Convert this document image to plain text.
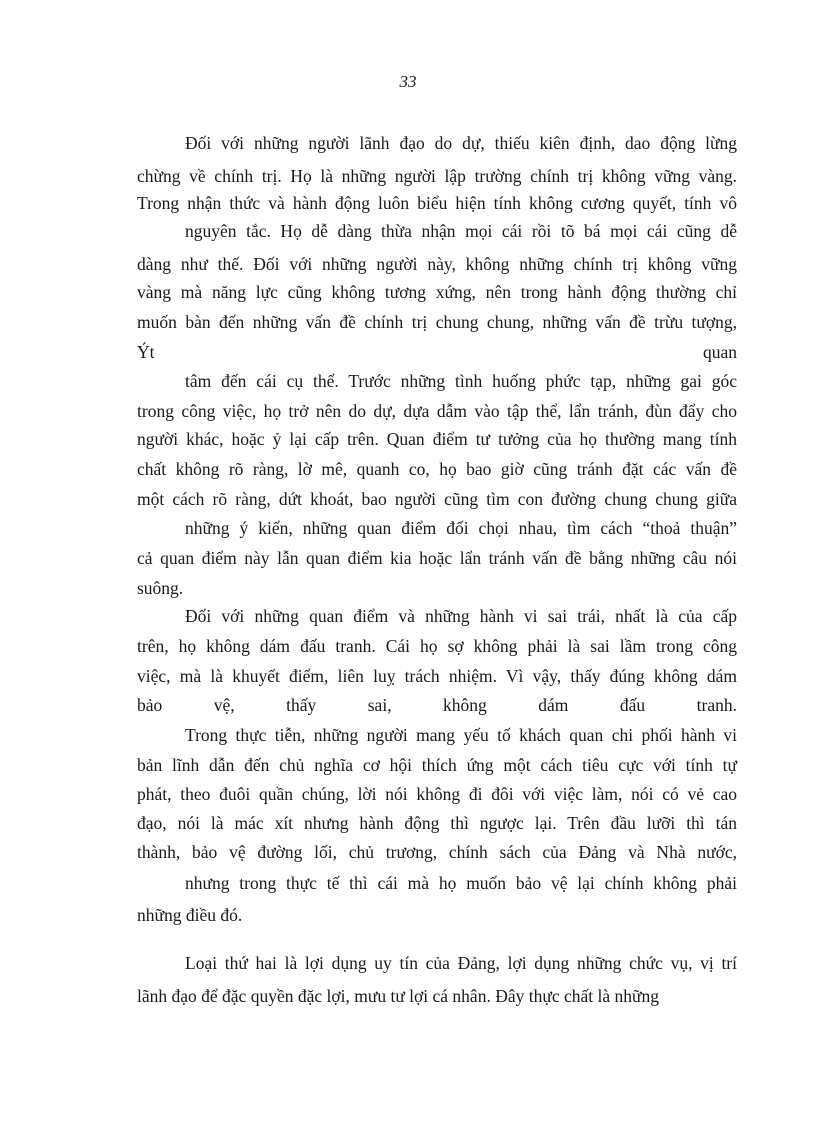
33
Đối với những người lãnh đạo do dự, thiếu kiên định, dao động lừng
chừng về chính trị. Họ là những người lập trường chính trị không vững vàng.
Trong nhận thức và hành động luôn biểu hiện tính không cương quyết, tính vô
nguyên tắc. Họ dễ dàng thừa nhận mọi cái rồi tõ bá mọi cái cũng dễ
dàng như thế. Đối với những người này, không những chính trị không vững
vàng mà năng lực cũng không tương xứng, nên trong hành động thường chỉ
muốn bàn đến những vấn đề chính trị chung chung, những vấn đề trừu tượng,
Ýt quan
tâm đến cái cụ thể. Trước những tình huống phức tạp, những gai góc
trong công việc, họ trở nên do dự, dựa dẫm vào tập thể, lẩn tránh, đùn đẩy cho
người khác, hoặc ỷ lại cấp trên. Quan điểm tư tưởng của họ thường mang tính
chất không rõ ràng, lờ mê, quanh co, họ bao giờ cũng tránh đặt các vấn đề
một cách rõ ràng, dứt khoát, bao người cũng tìm con đường chung chung giữa
những ý kiến, những quan điểm đối chọi nhau, tìm cách “thoả thuận”
cả quan điểm này lẫn quan điểm kia hoặc lẩn tránh vấn đề bằng những câu nói
suông.
Đối với những quan điểm và những hành vi sai trái, nhất là của cấp
trên, họ không dám đấu tranh. Cái họ sợ không phải là sai lầm trong công
việc, mà là khuyết điểm, liên luỵ trách nhiệm. Vì vậy, thấy đúng không dám
bảo vệ, thấy sai, không dám đấu tranh.
Trong thực tiễn, những người mang yếu tố khách quan chi phối hành vi
bản lĩnh dẫn đến chủ nghĩa cơ hội thích ứng một cách tiêu cực với tính tự
phát, theo đuôi quần chúng, lời nói không đi đôi với việc làm, nói có vẻ cao
đạo, nói là mác xít nhưng hành động thì ngược lại. Trên đầu lưỡi thì tán
thành, bảo vệ đường lối, chủ trương, chính sách của Đảng và Nhà nước,
nhưng trong thực tế thì cái mà họ muốn bảo vệ lại chính không phải
những điều đó.
Loại thứ hai là lợi dụng uy tín của Đảng, lợi dụng những chức vụ, vị trí
lãnh đạo để đặc quyền đặc lợi, mưu tư lợi cá nhân. Đây thực chất là những
